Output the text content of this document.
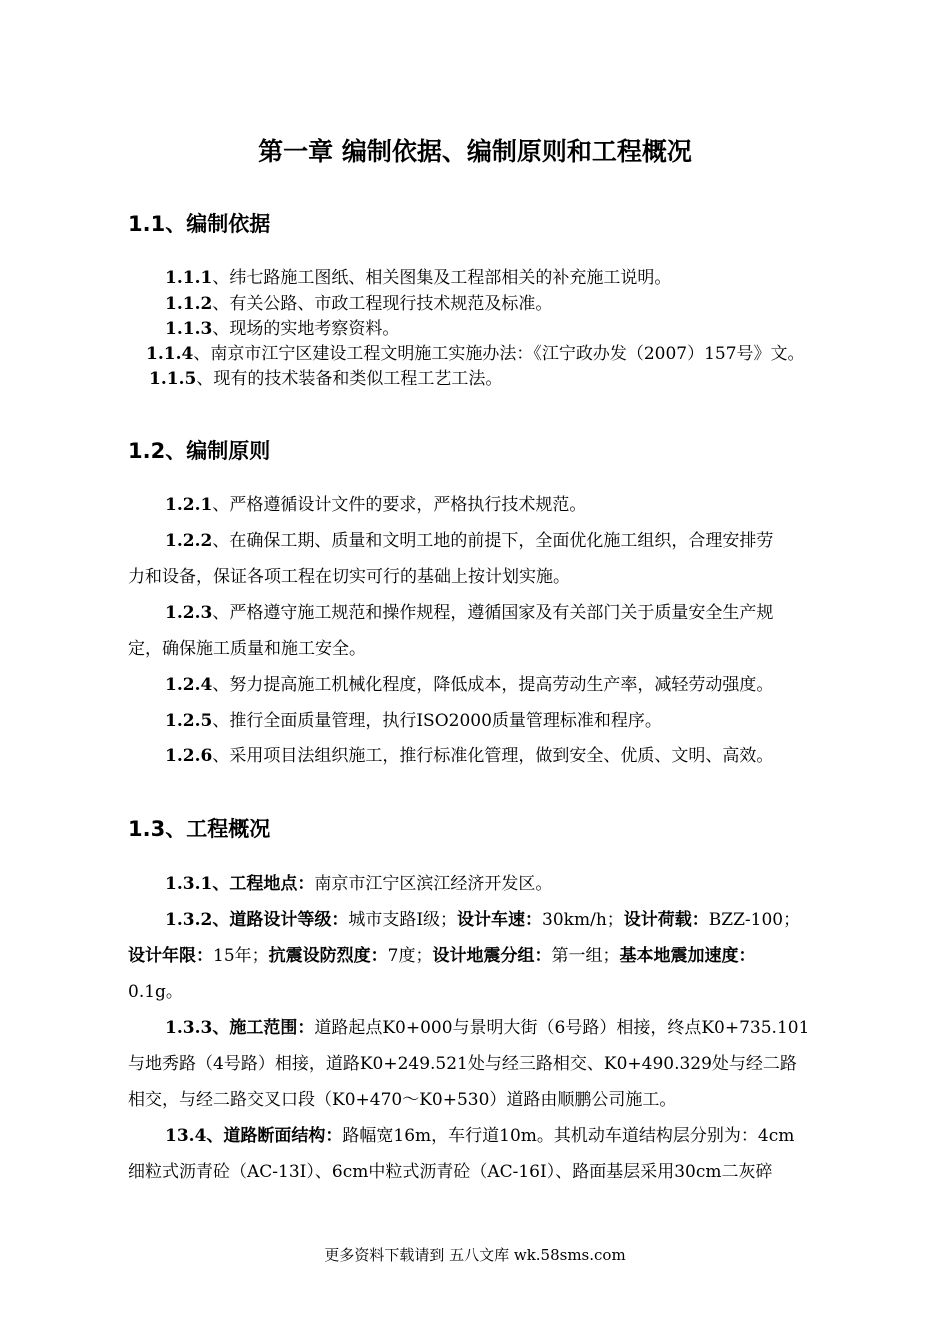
第一章 编制依据、编制原则和工程概况
1.1、编制依据

1.1.1、纬七路施工图纸、相关图集及工程部相关的补充施工说明。

1.1.2、有关公路、市政工程现行技术规范及标准。

1.1.3、现场的实地考察资料。

1.1.4、南京市江宁区建设工程文明施工实施办法：《江宁政办发（2007）157号》文。

1.1.5、现有的技术装备和类似工程工艺工法。

1.2、编制原则

1.2.1、严格遵循设计文件的要求，严格执行技术规范。

1.2.2、在确保工期、质量和文明工地的前提下，全面优化施工组织，合理安排劳

力和设备，保证各项工程在切实可行的基础上按计划实施。

1.2.3、严格遵守施工规范和操作规程，遵循国家及有关部门关于质量安全生产规

定，确保施工质量和施工安全。

1.2.4、努力提高施工机械化程度，降低成本，提高劳动生产率，减轻劳动强度。

1.2.5、推行全面质量管理，执行ISO2000质量管理标准和程序。

1.2.6、采用项目法组织施工，推行标准化管理，做到安全、优质、文明、高效。

1.3、工程概况

1.3.1、工程地点：南京市江宁区滨江经济开发区。

1.3.2、道路设计等级：城市支路Ⅰ级；设计车速：30km/h；设计荷载：BZZ-100；

设计年限：15年；抗震设防烈度：7度；设计地震分组：第一组；基本地震加速度：

0.1g。

1.3.3、施工范围：道路起点K0+000与景明大街（6号路）相接，终点K0+735.101

与地秀路（4号路）相接，道路K0+249.521处与经三路相交、K0+490.329处与经二路

相交，与经二路交叉口段（K0+470～K0+530）道路由顺鹏公司施工。

13.4、道路断面结构：路幅宽16m，车行道10m。其机动车道结构层分别为：4cm

细粒式沥青砼（AC-13I）、6cm中粒式沥青砼（AC-16I）、路面基层采用30cm二灰碎

更多资料下载请到 五八文库 wk.58sms.com
